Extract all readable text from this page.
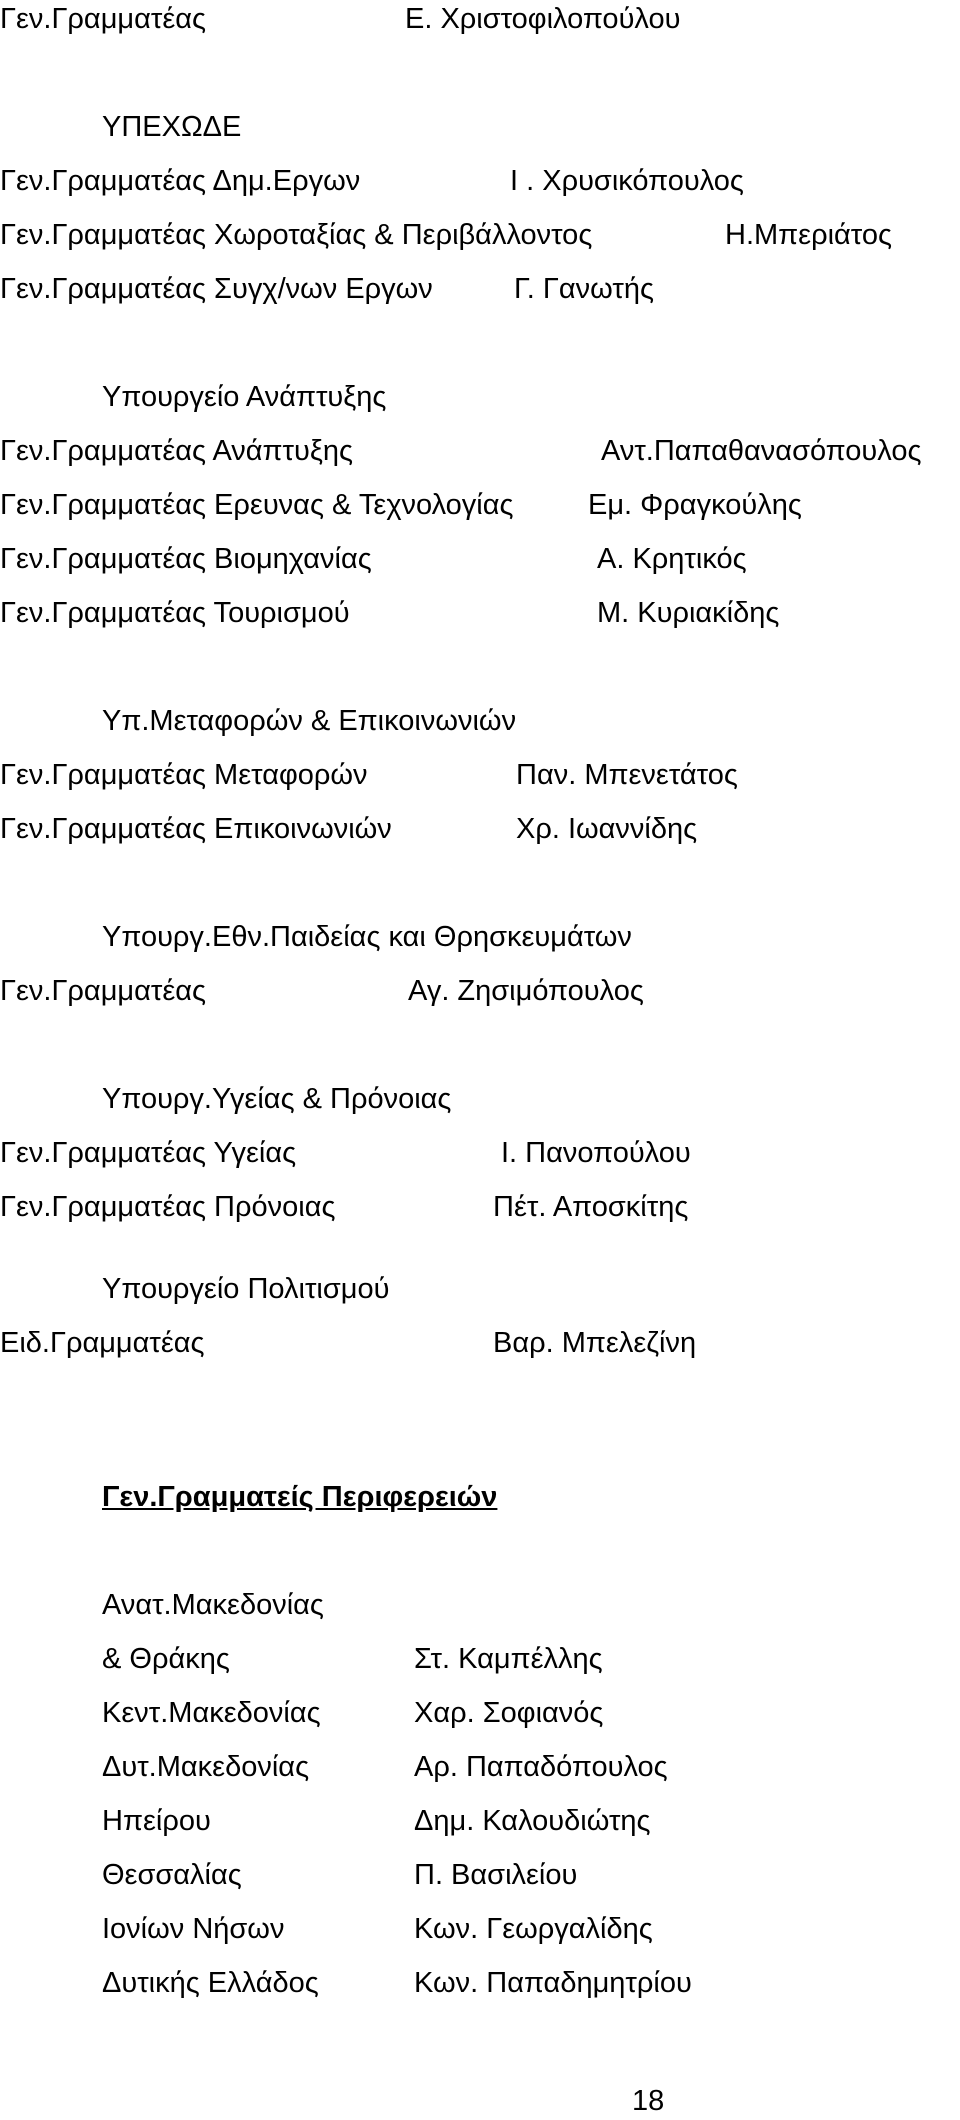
Γεν.Γραμματέας	Ε. Χριστοφιλοπούλου
ΥΠΕΧΩΔΕ
Γεν.Γραμματέας Δημ.Εργων	Ι . Χρυσικόπουλος
Γεν.Γραμματέας Χωροταξίας & Περιβάλλοντος	Η.Μπεριάτος
Γεν.Γραμματέας Συγχ/νων Εργων	Γ. Γανωτής
Υπουργείο Ανάπτυξης
Γεν.Γραμματέας Ανάπτυξης	Αντ.Παπαθανασόπουλος
Γεν.Γραμματέας Ερευνας & Τεχνολογίας	Εμ. Φραγκούλης
Γεν.Γραμματέας Βιομηχανίας	Α. Κρητικός
Γεν.Γραμματέας Τουρισμού	Μ. Κυριακίδης
Υπ.Μεταφορών & Επικοινωνιών
Γεν.Γραμματέας Μεταφορών	Παν. Μπενετάτος
Γεν.Γραμματέας Επικοινωνιών	Χρ. Ιωαννίδης
Υπουργ.Εθν.Παιδείας και Θρησκευμάτων
Γεν.Γραμματέας	Αγ. Ζησιμόπουλος
Υπουργ.Υγείας & Πρόνοιας
Γεν.Γραμματέας Υγείας	Ι. Πανοπούλου
Γεν.Γραμματέας Πρόνοιας	Πέτ. Αποσκίτης
Υπουργείο Πολιτισμού
Ειδ.Γραμματέας	Βαρ. Μπελεζίνη
Γεν.Γραμματείς Περιφερειών
Ανατ.Μακεδονίας
& Θράκης	Στ. Καμπέλλης
Κεντ.Μακεδονίας	Χαρ. Σοφιανός
Δυτ.Μακεδονίας	Αρ. Παπαδόπουλος
Ηπείρου	Δημ. Καλουδιώτης
Θεσσαλίας	Π. Βασιλείου
Ιονίων Νήσων	Κων. Γεωργαλίδης
Δυτικής Ελλάδος	Κων. Παπαδημητρίου
18
